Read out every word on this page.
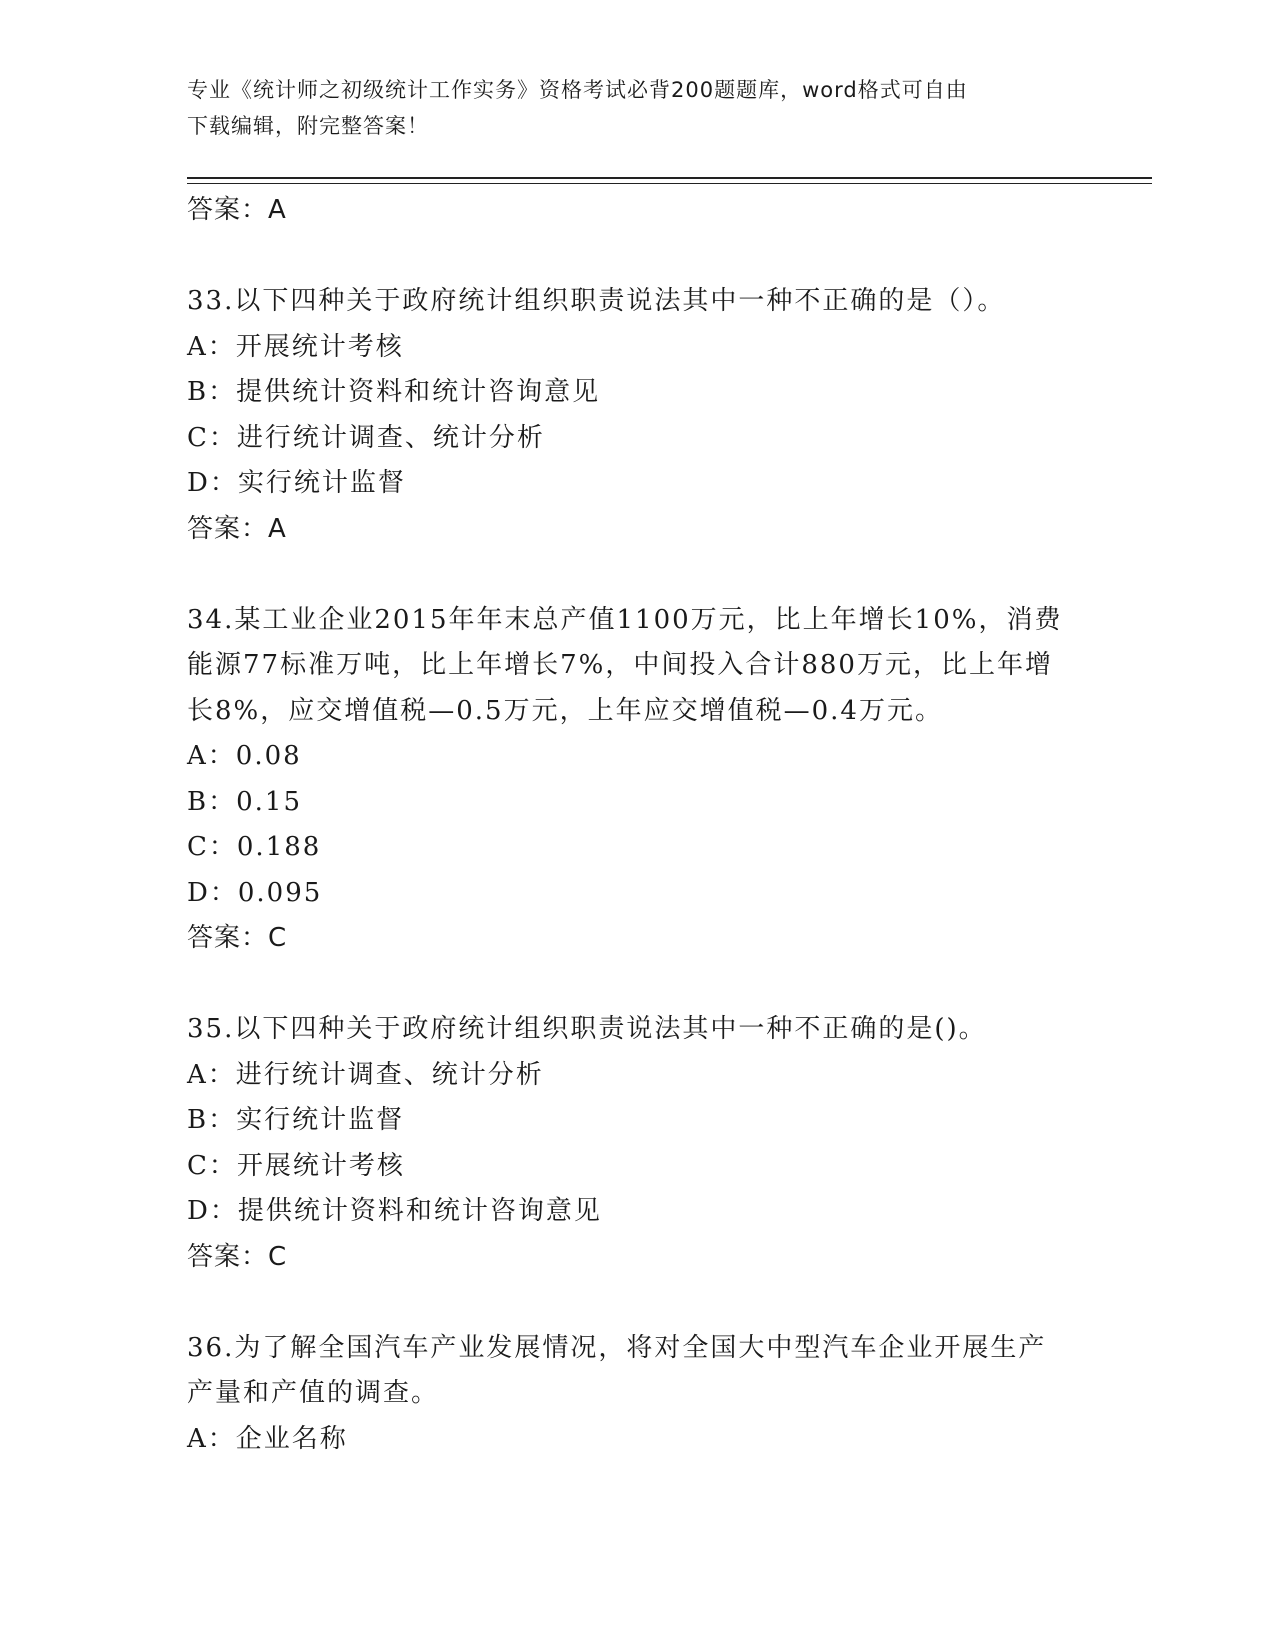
专业《统计师之初级统计工作实务》资格考试必背200题题库，word格式可自由
下载编辑，附完整答案！
答案：A
33.以下四种关于政府统计组织职责说法其中一种不正确的是（）。
A：开展统计考核
B：提供统计资料和统计咨询意见
C：进行统计调查、统计分析
D：实行统计监督
答案：A
34.某工业企业2015年年末总产值1100万元，比上年增长10%，消费
能源77标准万吨，比上年增长7%，中间投入合计880万元，比上年增
长8%，应交增值税—0.5万元，上年应交增值税—0.4万元。
A：0.08
B：0.15
C：0.188
D：0.095
答案：C
35.以下四种关于政府统计组织职责说法其中一种不正确的是()。
A：进行统计调查、统计分析
B：实行统计监督
C：开展统计考核
D：提供统计资料和统计咨询意见
答案：C
36.为了解全国汽车产业发展情况，将对全国大中型汽车企业开展生产
产量和产值的调查。
A：企业名称
